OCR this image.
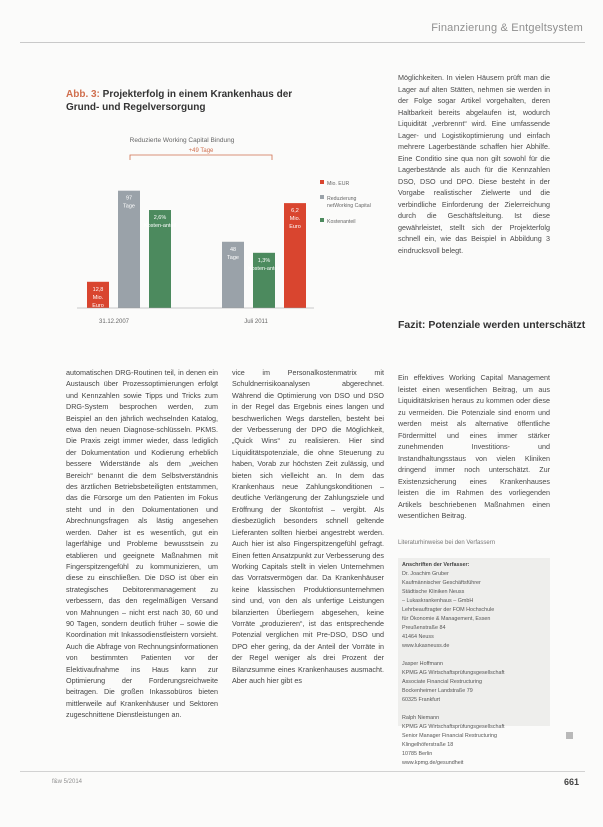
Finanzierung & Entgeltsystem
Abb. 3: Projekterfolg in einem Krankenhaus der Grund- und Regelversorgung
Reduzierte Working Capital Bindung
+49 Tage
12,8
Mio.
Euro
97
Tage
2,6%
Kosten-anteil
48
Tage
1,3%
Kosten-anteil
6,2
Mio.
Euro
31.12.2007	Juli 2011
Mio. EUR
Reduzierung
netWorking Capital
Kostenanteil
Möglichkeiten. In vielen Häusern prüft man die Lager auf alten Stätten, nehmen sie werden in der Folge sogar Artikel vorgehalten, deren Haltbarkeit bereits abgelaufen ist, wodurch Liquidität „verbrennt“ wird. Eine umfassende Lager- und Logistikoptimierung und einfach mehrere Lagerbestände schaffen hier Abhilfe. Eine Conditio sine qua non gilt sowohl für die Lagerbestände als auch für die Kennzahlen DSO, DSO und DPO. Diese besteht in der Vorgabe realistischer Zielwerte und die verbindliche Einforderung der Zielerreichung durch die Geschäftsleitung. Ist diese gewährleistet, stellt sich der Projekterfolg schnell ein, wie das Beispiel in Abbildung 3 eindrucksvoll belegt.
Fazit: Potenziale werden unterschätzt
Ein effektives Working Capital Management leistet einen wesentlichen Beitrag, um aus Liquiditätskrisen heraus zu kommen oder diese zu vermeiden. Die Potenziale sind enorm und werden meist als alternative öffentliche Fördermittel und eines immer stärker zunehmenden Investitions- und Instandhaltungsstaus von vielen Kliniken dringend immer noch unterschätzt. Zur Existenzsicherung eines Krankenhauses leisten die im Rahmen des vorliegenden Artikels beschriebenen Maßnahmen einen wesentlichen Beitrag.
Literaturhinweise bei den Verfassern
automatischen DRG-Routinen teil, in denen ein Austausch über Prozessoptimierungen erfolgt und Kennzahlen sowie Tipps und Tricks zum DRG-System besprochen werden, zum Beispiel an den jährlich wechselnden Katalog, etwa den neuen Diagnose-schlüsseln. PKMS. Die Praxis zeigt immer wieder, dass lediglich der Dokumentation und Kodierung erheblich bessere Widerstände als dem „weichen Bereich“ benannt die dem Selbstverständnis des ärztlichen Betriebsbeteiligten entstammen, das die Fürsorge um den Patienten im Fokus steht und in den Dokumentationen und Abrechnungsfragen als lästig angesehen werden. Daher ist es wesentlich, gut ein lagerfähige und Probleme bewusstsein zu etablieren und geeignete Maßnahmen mit Fingerspitzengefühl zu kommunizieren, um diese zu einschließen. Die DSO ist über ein strategisches Debitorenmanagement zu verbessern, das den regelmäßigen Versand von Mahnungen – nicht erst nach 30, 60 und 90 Tagen, sondern deutlich früher – sowie die Koordination mit Inkassodienstleistern vorsieht. Auch die Abfrage von Rechnungsinformationen von bestimmten Patienten vor der Elektivaufnahme ins Haus kann zur Optimierung der Forderungsreichweite beitragen. Die großen Inkassobüros bieten mittlerweile auf Krankenhäuser und Sektoren zugeschnittene Dienstleistungen an.
vice im Personalkostenmatrix mit Schuldnerrisikoanalysen abgerechnet. Während die Optimierung von DSO und DSO in der Regel das Ergebnis eines langen und beschwerlichen Wegs darstellen, besteht bei der Verbesserung der DPO die Möglichkeit, „Quick Wins“ zu realisieren. Hier sind Liquiditätspotenziale, die ohne Steuerung zu haben, Vorab zur höchsten Zeit zulässig, und bieten sich vielleicht an. In dem das Krankenhaus neue Zahlungskonditionen – deutliche Verlängerung der Zahlungsziele und Eröffnung der Skontofrist – vergibt. Als diesbezüglich besonders schnell geltende Lieferanten sollten hierbei angestrebt werden. Auch hier ist also Fingerspitzengefühl gefragt. Einen fetten Ansatzpunkt zur Verbesserung des Working Capitals stellt in vielen Unternehmen das Vorratsvermögen dar. Da Krankenhäuser keine klassischen Produktionsunternehmen sind und, von den als unfertige Leistungen bilanzierten Überliegern abgesehen, keine Vorräte „produzieren“, ist das entsprechende Potenzial verglichen mit Pre-DSO, DSO und DPO eher gering, da der Anteil der Vorräte in der Regel weniger als drei Prozent der Bilanzsumme eines Krankenhauses ausmacht. Aber auch hier gibt es
Anschriften der Verfasser:
Dr. Joachim Gruber
Kaufmännischer Geschäftsführer
Städtische Kliniken Neuss
– Lukaskrankenhaus – GmbH
Lehrbeauftragter der FOM Hochschule
für Ökonomie & Management, Essen
Preußenstraße 84
41464 Neuss
www.lukasneuss.de
Jasper Hoffmann
KPMG AG Wirtschaftsprüfungsgesellschaft
Associate Financial Restructuring
Bockenheimer Landstraße 79
60325 Frankfurt
Ralph Niemann
KPMG AG Wirtschaftsprüfungsgesellschaft
Senior Manager Financial Restructuring
Klingelhöferstraße 18
10785 Berlin
www.kpmg.de/gesundheit
f&w 5/2014	661
